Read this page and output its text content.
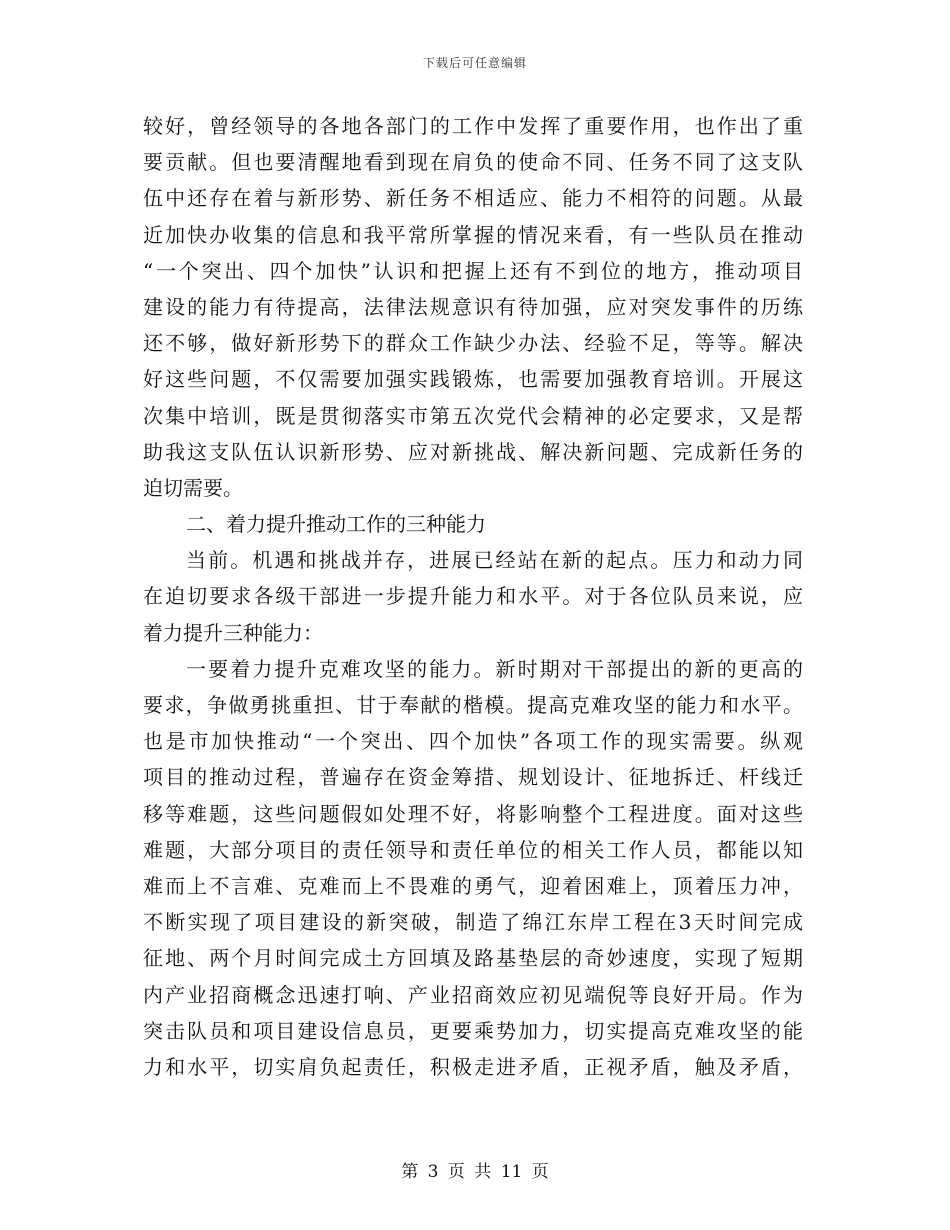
下载后可任意编辑
较好，曾经领导的各地各部门的工作中发挥了重要作用，也作出了重
要贡献。但也要清醒地看到现在肩负的使命不同、任务不同了这支队
伍中还存在着与新形势、新任务不相适应、能力不相符的问题。从最
近加快办收集的信息和我平常所掌握的情况来看，有一些队员在推动
“一个突出、四个加快”认识和把握上还有不到位的地方，推动项目
建设的能力有待提高，法律法规意识有待加强，应对突发事件的历练
还不够，做好新形势下的群众工作缺少办法、经验不足，等等。解决
好这些问题，不仅需要加强实践锻炼，也需要加强教育培训。开展这
次集中培训，既是贯彻落实市第五次党代会精神的必定要求，又是帮
助我这支队伍认识新形势、应对新挑战、解决新问题、完成新任务的
迫切需要。
二、着力提升推动工作的三种能力
当前。机遇和挑战并存，进展已经站在新的起点。压力和动力同
在迫切要求各级干部进一步提升能力和水平。对于各位队员来说，应
着力提升三种能力：
一要着力提升克难攻坚的能力。新时期对干部提出的新的更高的
要求，争做勇挑重担、甘于奉献的楷模。提高克难攻坚的能力和水平。
也是市加快推动“一个突出、四个加快”各项工作的现实需要。纵观
项目的推动过程，普遍存在资金筹措、规划设计、征地拆迁、杆线迁
移等难题，这些问题假如处理不好，将影响整个工程进度。面对这些
难题，大部分项目的责任领导和责任单位的相关工作人员，都能以知
难而上不言难、克难而上不畏难的勇气，迎着困难上，顶着压力冲，
不断实现了项目建设的新突破，制造了绵江东岸工程在3天时间完成
征地、两个月时间完成土方回填及路基垫层的奇妙速度，实现了短期
内产业招商概念迅速打响、产业招商效应初见端倪等良好开局。作为
突击队员和项目建设信息员，更要乘势加力，切实提高克难攻坚的能
力和水平，切实肩负起责任，积极走进矛盾，正视矛盾，触及矛盾，
第 3 页 共 11 页
